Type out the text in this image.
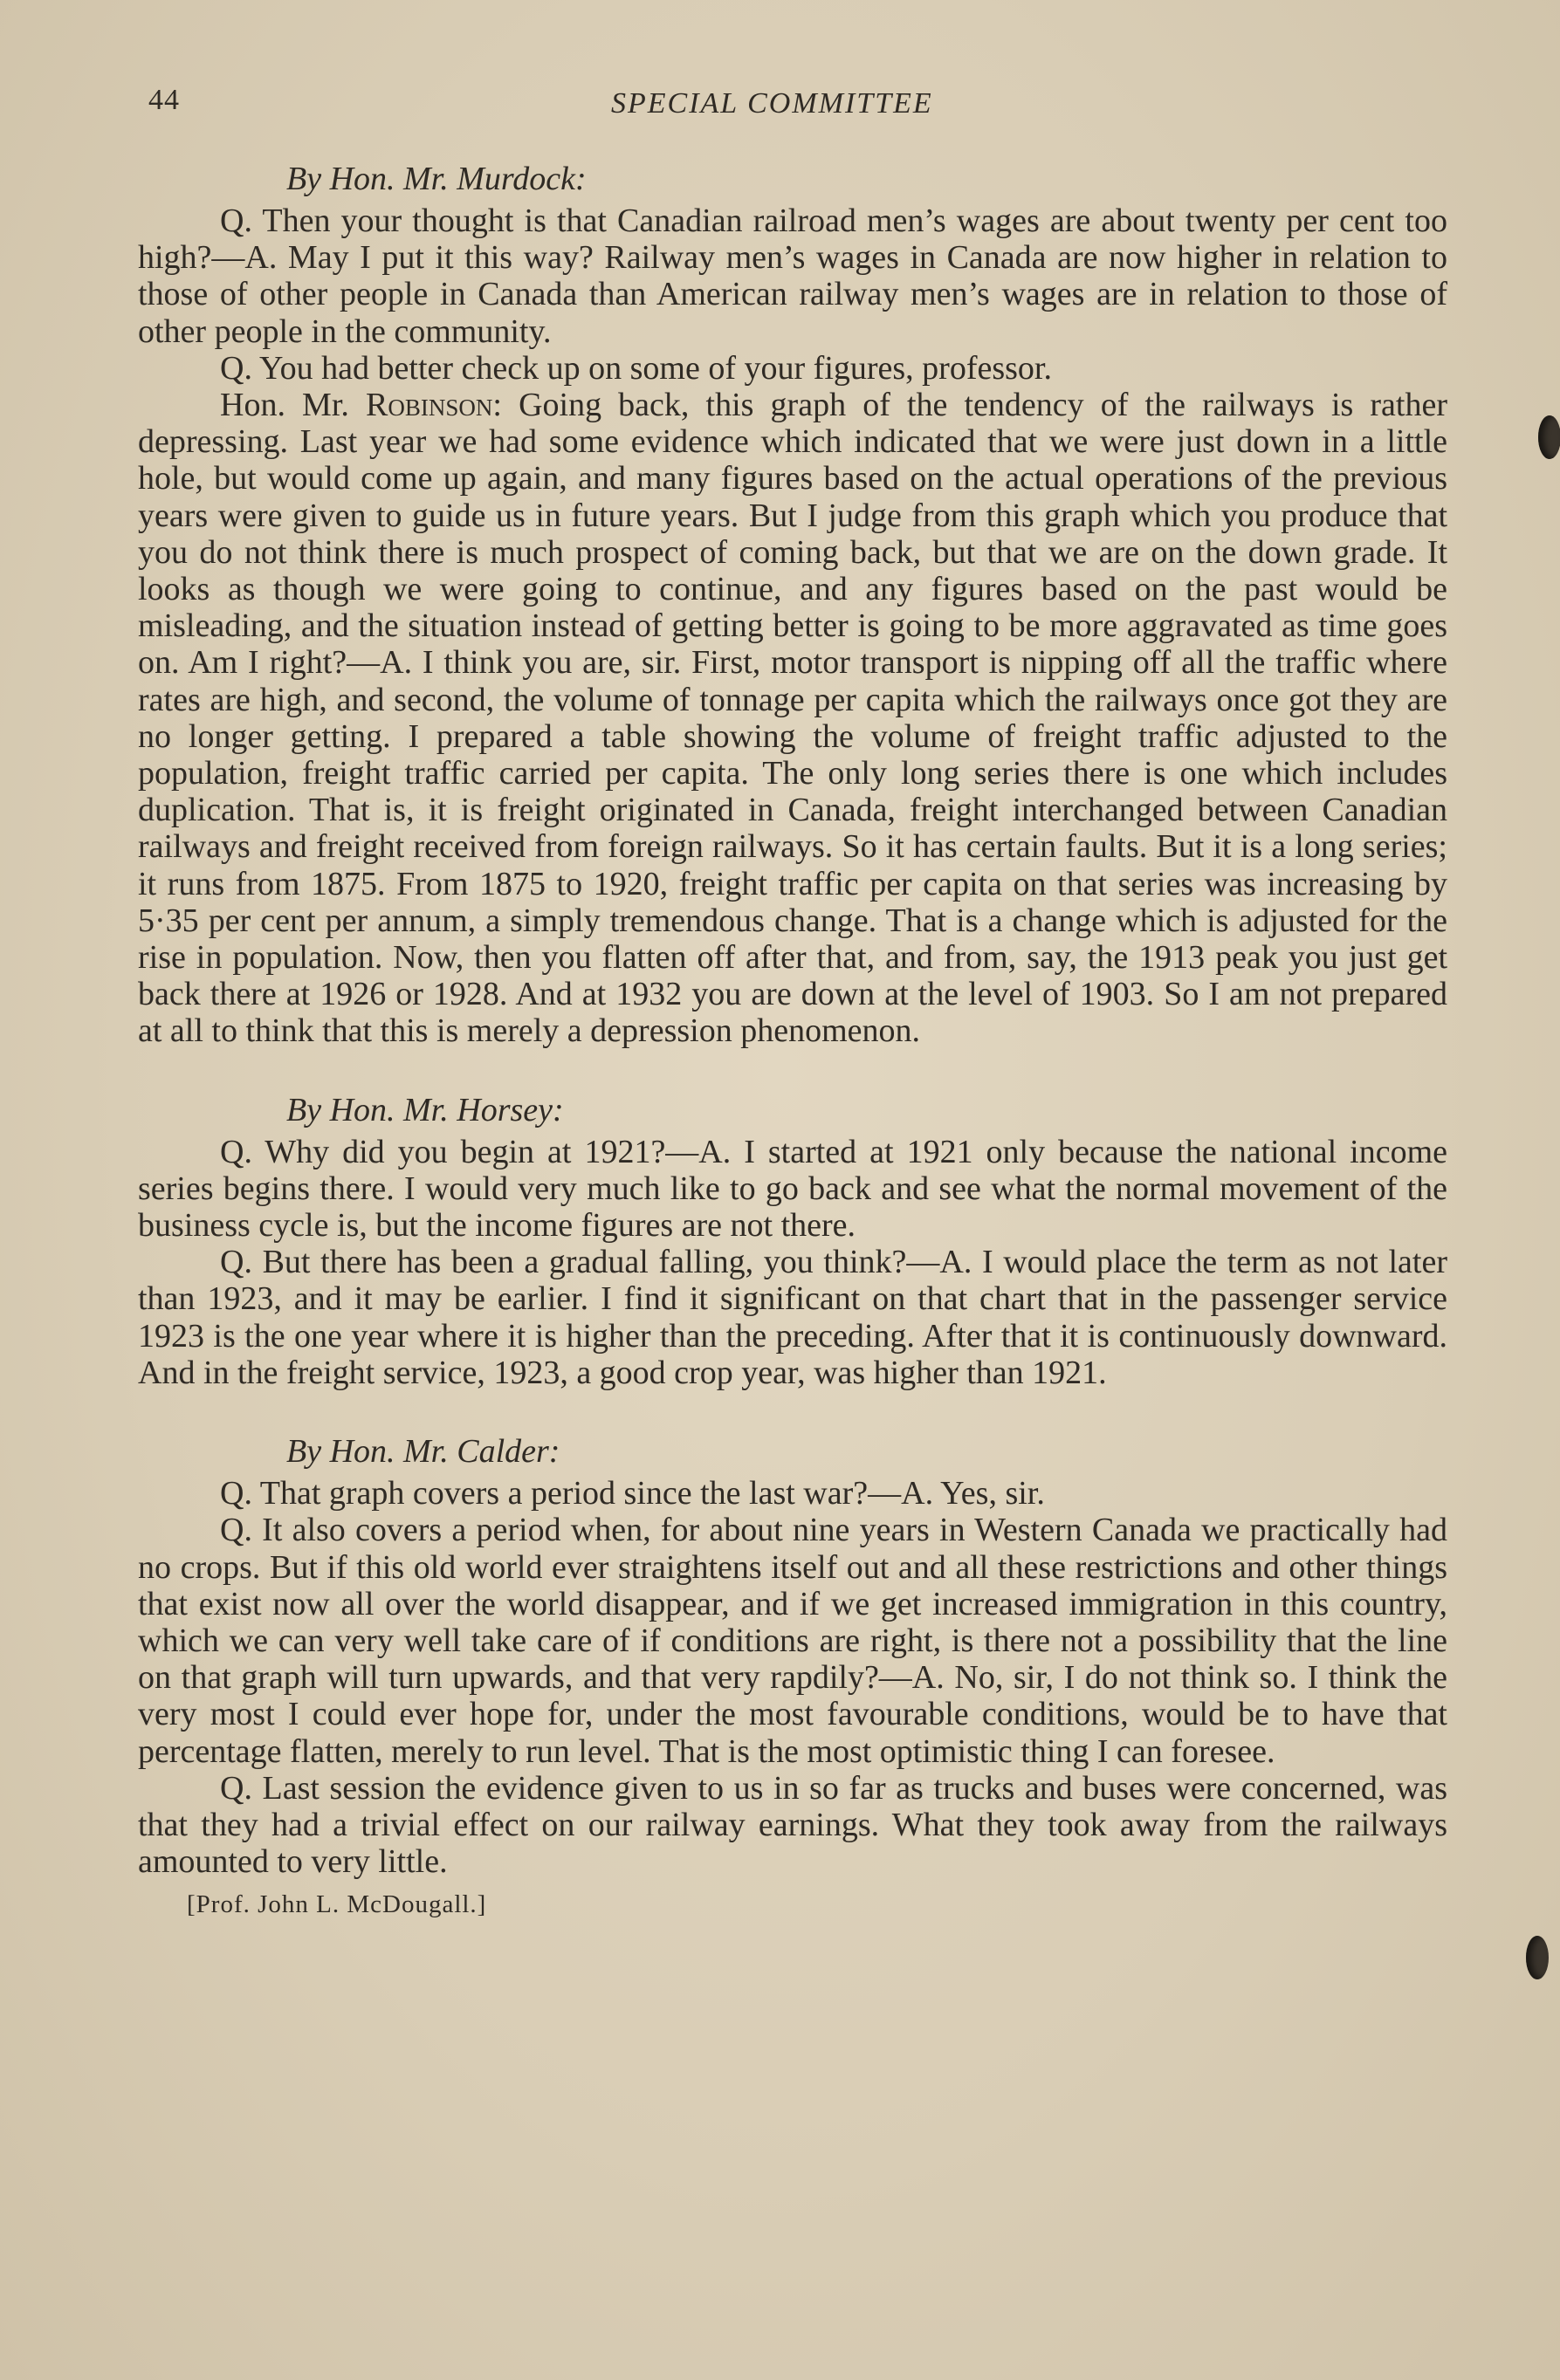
44	SPECIAL COMMITTEE
By Hon. Mr. Murdock:

Q. Then your thought is that Canadian railroad men’s wages are about twenty per cent too high?—A. May I put it this way? Railway men’s wages in Canada are now higher in relation to those of other people in Canada than American railway men’s wages are in relation to those of other people in the community.

Q. You had better check up on some of your figures, professor.

Hon. Mr. Robinson: Going back, this graph of the tendency of the railways is rather depressing. Last year we had some evidence which indicated that we were just down in a little hole, but would come up again, and many figures based on the actual operations of the previous years were given to guide us in future years. But I judge from this graph which you produce that you do not think there is much prospect of coming back, but that we are on the down grade. It looks as though we were going to continue, and any figures based on the past would be misleading, and the situation instead of getting better is going to be more aggravated as time goes on. Am I right?—A. I think you are, sir. First, motor transport is nipping off all the traffic where rates are high, and second, the volume of tonnage per capita which the railways once got they are no longer getting. I prepared a table showing the volume of freight traffic adjusted to the population, freight traffic carried per capita. The only long series there is one which includes duplication. That is, it is freight originated in Canada, freight interchanged between Canadian railways and freight received from foreign railways. So it has certain faults. But it is a long series; it runs from 1875. From 1875 to 1920, freight traffic per capita on that series was increasing by 5·35 per cent per annum, a simply tremendous change. That is a change which is adjusted for the rise in population. Now, then you flatten off after that, and from, say, the 1913 peak you just get back there at 1926 or 1928. And at 1932 you are down at the level of 1903. So I am not prepared at all to think that this is merely a depression phenomenon.

By Hon. Mr. Horsey:

Q. Why did you begin at 1921?—A. I started at 1921 only because the national income series begins there. I would very much like to go back and see what the normal movement of the business cycle is, but the income figures are not there.

Q. But there has been a gradual falling, you think?—A. I would place the term as not later than 1923, and it may be earlier. I find it significant on that chart that in the passenger service 1923 is the one year where it is higher than the preceding. After that it is continuously downward. And in the freight service, 1923, a good crop year, was higher than 1921.

By Hon. Mr. Calder:

Q. That graph covers a period since the last war?—A. Yes, sir.

Q. It also covers a period when, for about nine years in Western Canada we practically had no crops. But if this old world ever straightens itself out and all these restrictions and other things that exist now all over the world disappear, and if we get increased immigration in this country, which we can very well take care of if conditions are right, is there not a possibility that the line on that graph will turn upwards, and that very rapdily?—A. No, sir, I do not think so. I think the very most I could ever hope for, under the most favourable conditions, would be to have that percentage flatten, merely to run level. That is the most optimistic thing I can foresee.

Q. Last session the evidence given to us in so far as trucks and buses were concerned, was that they had a trivial effect on our railway earnings. What they took away from the railways amounted to very little.

[Prof. John L. McDougall.]
